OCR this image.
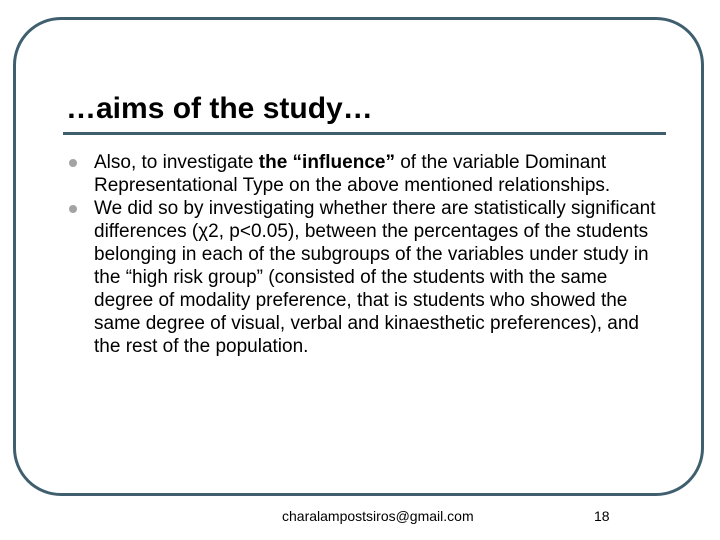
…aims of the study…
Also, to investigate the “influence” of the variable Dominant Representational Type on the above mentioned relationships.
We did so by investigating whether there are statistically significant differences (χ2, p<0.05), between the percentages of the students belonging in each of the subgroups of the variables under study in the “high risk group” (consisted of the students with the same degree of modality preference, that is students who showed the same degree of visual, verbal and kinaesthetic preferences), and the rest of the population.
charalampostsiros@gmail.com	18
